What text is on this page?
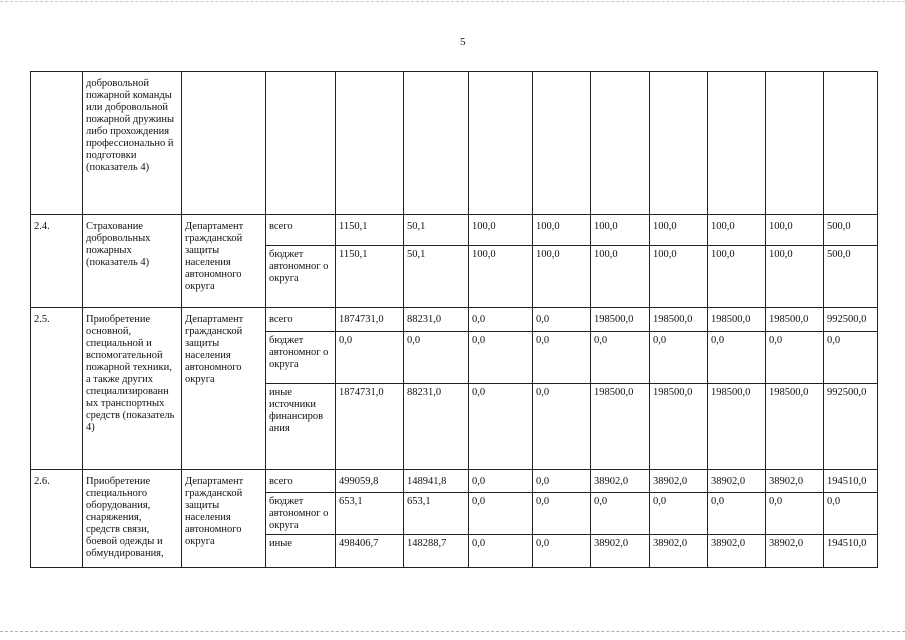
5
	добровольной пожарной команды или добровольной пожарной дружины либо прохождения профессионально й подготовки (показатель 4)											
2.4.	Страхование добровольных пожарных (показатель 4)	Департамент гражданской защиты населения автономного округа	всего	1150,1	50,1	100,0	100,0	100,0	100,0	100,0	100,0	500,0
			бюджет автономног о округа	1150,1	50,1	100,0	100,0	100,0	100,0	100,0	100,0	500,0
2.5.	Приобретение основной, специальной и вспомогательной пожарной техники, а также других специализированн ых транспортных средств (показатель 4)	Департамент гражданской защиты населения автономного округа	всего	1874731,0	88231,0	0,0	0,0	198500,0	198500,0	198500,0	198500,0	992500,0
			бюджет автономног о округа	0,0	0,0	0,0	0,0	0,0	0,0	0,0	0,0	0,0
			иные источники финансиров ания	1874731,0	88231,0	0,0	0,0	198500,0	198500,0	198500,0	198500,0	992500,0
2.6.	Приобретение специального оборудования, снаряжения, средств связи, боевой одежды и обмундирования,	Департамент гражданской защиты населения автономного округа	всего	499059,8	148941,8	0,0	0,0	38902,0	38902,0	38902,0	38902,0	194510,0
			бюджет автономног о округа	653,1	653,1	0,0	0,0	0,0	0,0	0,0	0,0	0,0
			иные	498406,7	148288,7	0,0	0,0	38902,0	38902,0	38902,0	38902,0	194510,0
